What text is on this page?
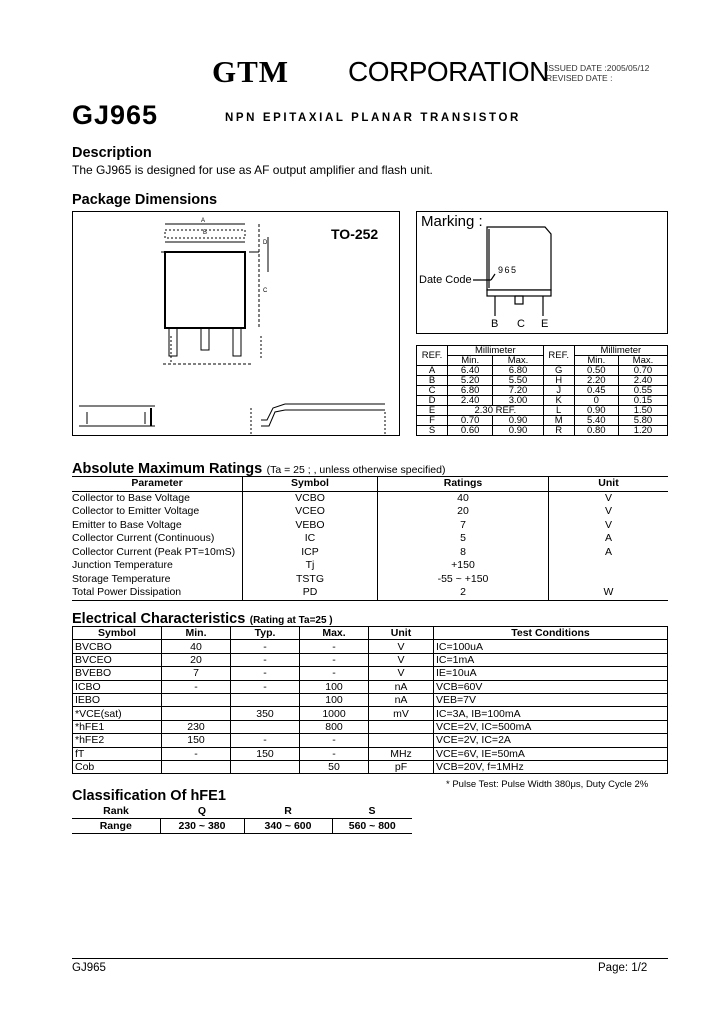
GTM CORPORATION
ISSUED DATE :2005/05/12
REVISED DATE :
GJ965	NPN EPITAXIAL PLANAR TRANSISTOR
Description
The GJ965 is designed for use as AF output amplifier and flash unit.
Package Dimensions
TO-252
A
B
C
D
Marking :
Date Code
965
B C E
REF.	Millimeter		REF.	Millimeter	
	Min.	Max.		Min.	Max.
A	6.40	6.80	G	0.50	0.70
B	5.20	5.50	H	2.20	2.40
C	6.80	7.20	J	0.45	0.55
D	2.40	3.00	K	0	0.15
E	2.30 REF.		L	0.90	1.50
F	0.70	0.90	M	5.40	5.80
S	0.60	0.90	R	0.80	1.20
Absolute Maximum Ratings (Ta = 25 ; , unless otherwise specified)
Parameter	Symbol	Ratings	Unit
Collector to Base Voltage	VCBO	40	V
Collector to Emitter Voltage	VCEO	20	V
Emitter to Base Voltage	VEBO	7	V
Collector Current (Continuous)	IC	5	A
Collector Current (Peak PT=10mS)	ICP	8	A
Junction Temperature	Tj	+150	
Storage Temperature	TSTG	-55 ~ +150	
Total Power Dissipation	PD	2	W
Electrical Characteristics (Rating at Ta=25 )
Symbol	Min.	Typ.	Max.	Unit	Test Conditions
BVCBO	40	-	-	V	IC=100uA
BVCEO	20	-	-	V	IC=1mA
BVEBO	7	-	-	V	IE=10uA
ICBO	-	-	100	nA	VCB=60V
IEBO			100	nA	VEB=7V
*VCE(sat)		350	1000	mV	IC=3A, IB=100mA
*hFE1	230		800		VCE=2V, IC=500mA
*hFE2	150	-	-		VCE=2V, IC=2A
fT	-	150	-	MHz	VCE=6V, IE=50mA
Cob			50	pF	VCB=20V, f=1MHz
* Pulse Test: Pulse Width 380μs, Duty Cycle 2%
Classification Of hFE1
Rank	Q	R	S
Range	230 ~ 380	340 ~ 600	560 ~ 800
GJ965	Page: 1/2
